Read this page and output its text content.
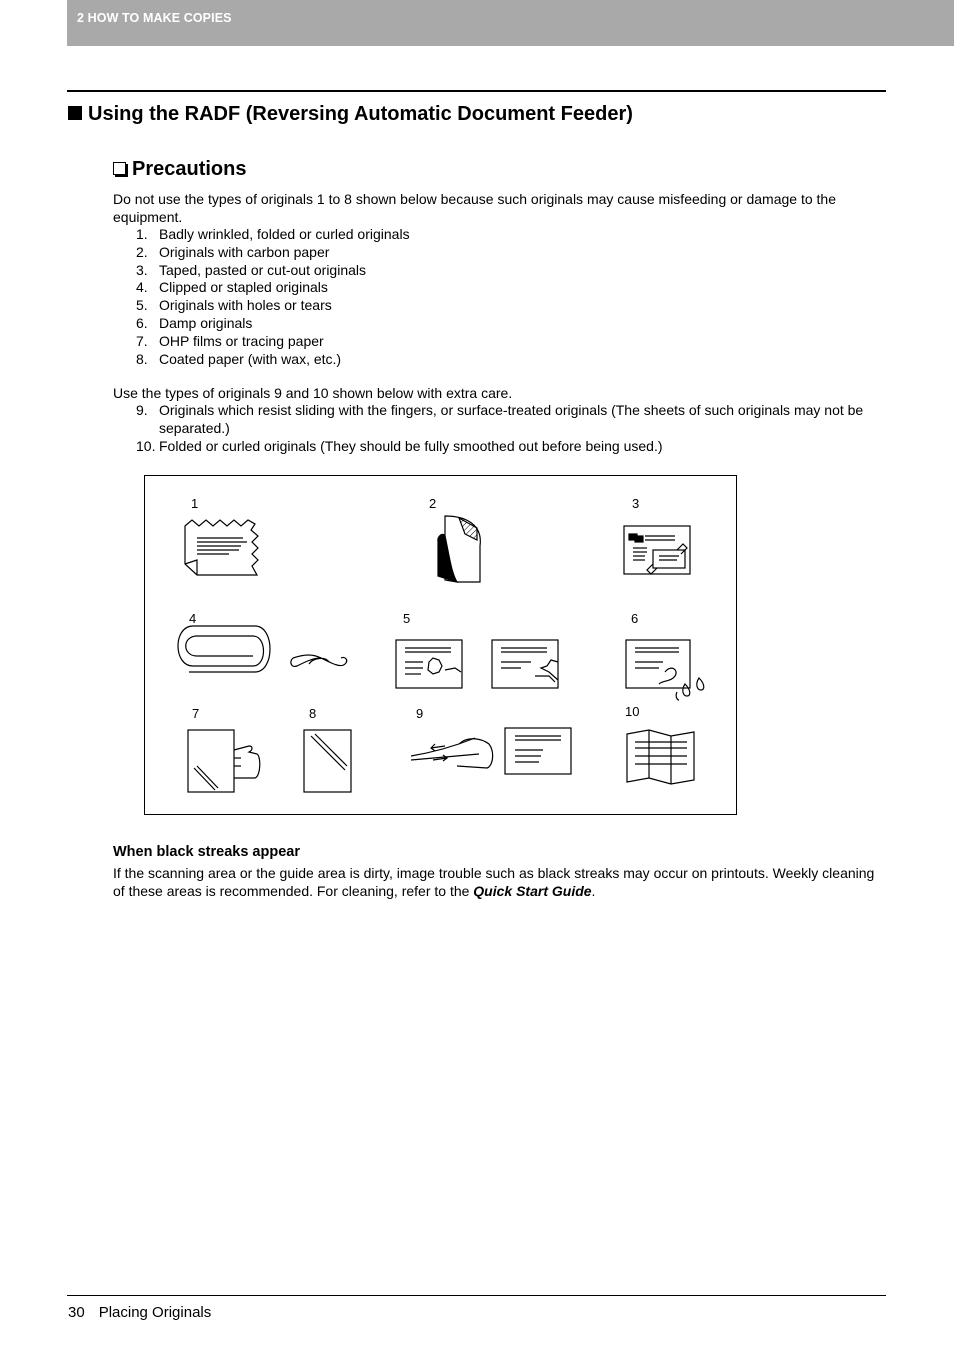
2 HOW TO MAKE COPIES
Using the RADF (Reversing Automatic Document Feeder)
Precautions
Do not use the types of originals 1 to 8 shown below because such originals may cause misfeeding or damage to the equipment.
1. Badly wrinkled, folded or curled originals
2. Originals with carbon paper
3. Taped, pasted or cut-out originals
4. Clipped or stapled originals
5. Originals with holes or tears
6. Damp originals
7. OHP films or tracing paper
8. Coated paper (with wax, etc.)
Use the types of originals 9 and 10 shown below with extra care.
9. Originals which resist sliding with the fingers, or surface-treated originals (The sheets of such originals may not be separated.)
10. Folded or curled originals (They should be fully smoothed out before being used.)
1	2	3
4	5	6
7	8	9	10
When black streaks appear
If the scanning area or the guide area is dirty, image trouble such as black streaks may occur on printouts. Weekly cleaning of these areas is recommended. For cleaning, refer to the Quick Start Guide.
30 Placing Originals
